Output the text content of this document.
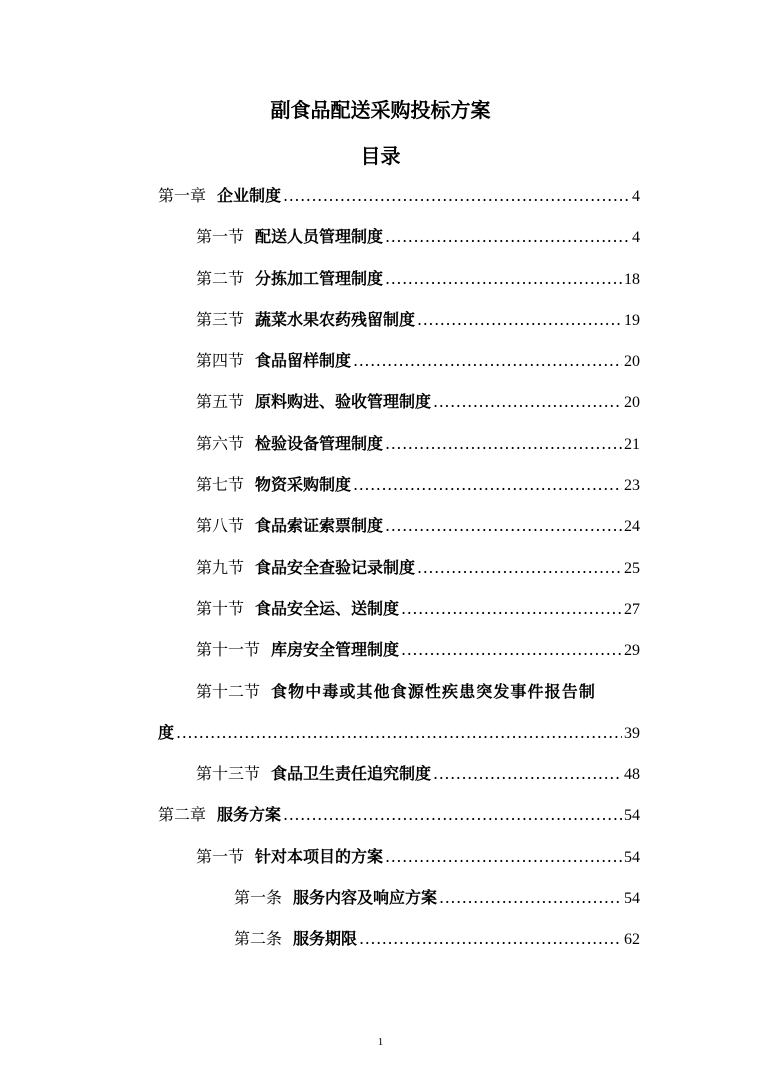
副食品配送采购投标方案
目录
第一章 企业制度 .....	4
第一节 配送人员管理制度 .....	4
第二节 分拣加工管理制度 .....	18
第三节 蔬菜水果农药残留制度 .....	19
第四节 食品留样制度 .....	20
第五节 原料购进、验收管理制度 .....	20
第六节 检验设备管理制度 .....	21
第七节 物资采购制度 .....	23
第八节 食品索证索票制度 .....	24
第九节 食品安全查验记录制度 .....	25
第十节 食品安全运、送制度 .....	27
第十一节 库房安全管理制度 .....	29
第十二节 食物中毒或其他食源性疾患突发事件报告制
度 .....	39
第十三节 食品卫生责任追究制度 .....	48
第二章 服务方案 .....	54
第一节 针对本项目的方案 .....	54
第一条 服务内容及响应方案 .....	54
第二条 服务期限 .....	62
1
